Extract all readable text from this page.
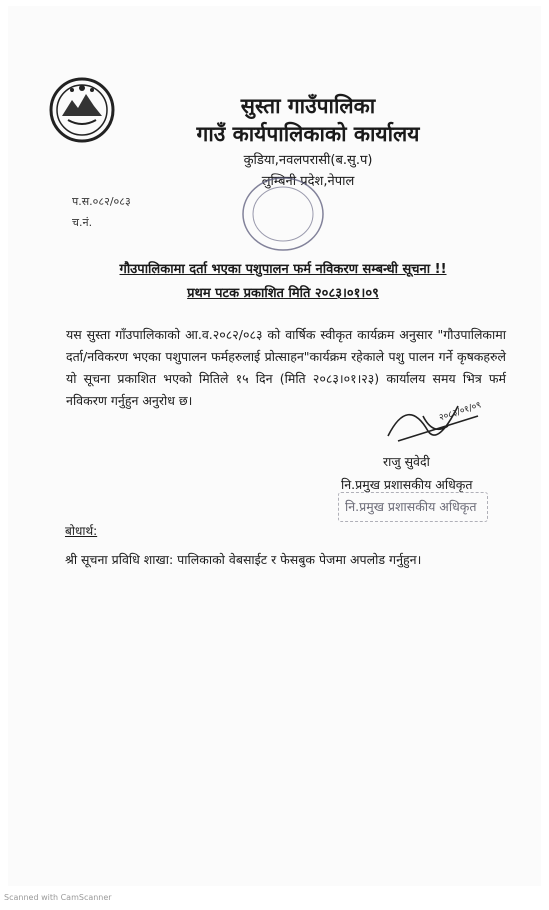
सुस्ता गाउँपालिका
गाउँ कार्यपालिकाको कार्यालय
कुडिया,नवलपरासी(ब.सु.प)
लुम्बिनी प्रदेश,नेपाल
प.स.०८२/०८३
च.नं.
गौउपालिकामा दर्ता भएका पशुपालन फर्म नविकरण सम्बन्धी सूचना !!
प्रथम पटक प्रकाशित मिति २०८३।०१।०९
यस सुस्ता गाँउपालिकाको आ.व.२०८२/०८३ को वार्षिक स्वीकृत कार्यक्रम अनुसार "गौउपालिकामा दर्ता/नविकरण भएका पशुपालन फर्महरुलाई प्रोत्साहन"कार्यक्रम रहेकाले पशु पालन गर्ने कृषकहरुले यो सूचना प्रकाशित भएको मितिले १५ दिन (मिति २०८३।०१।२३) कार्यालय समय भित्र फर्म नविकरण गर्नुहुन अनुरोध छ।	२०८३/०१/०९
राजु सुवेदी
नि.प्रमुख प्रशासकीय अधिकृत
नि.प्रमुख प्रशासकीय अधिकृत
बोधार्थ:
श्री सूचना प्रविधि शाखा: पालिकाको वेबसाईट र फेसबुक पेजमा अपलोड गर्नुहुन।
Scanned with CamScanner
